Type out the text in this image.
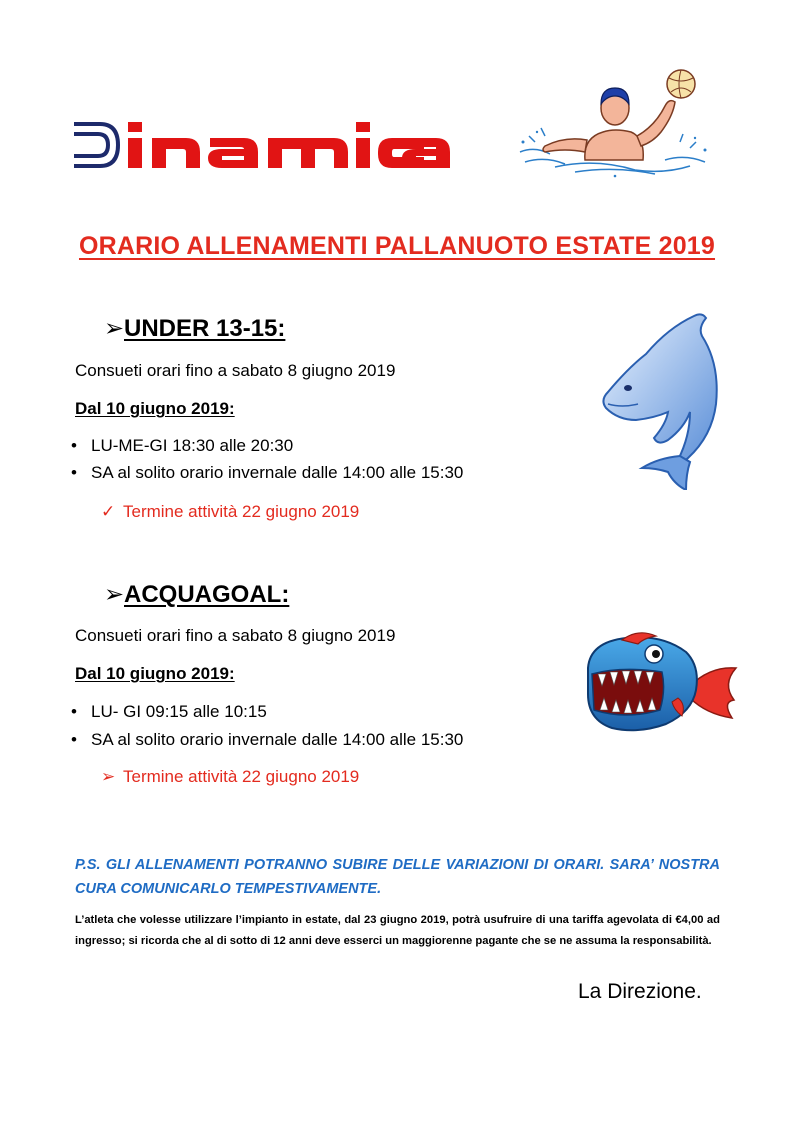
ORARIO ALLENAMENTI PALLANUOTO ESTATE 2019
➢UNDER 13-15:
Consueti orari fino a sabato 8 giugno 2019
Dal 10 giugno 2019:
• LU-ME-GI 18:30 alle 20:30
• SA al solito orario invernale dalle 14:00 alle 15:30
✓ Termine attività 22 giugno 2019
➢ACQUAGOAL:
Consueti orari fino a sabato 8 giugno 2019
Dal 10 giugno 2019:
• LU- GI 09:15 alle 10:15
• SA al solito orario invernale dalle 14:00 alle 15:30
➢ Termine attività 22 giugno 2019
P.S. GLI ALLENAMENTI POTRANNO SUBIRE DELLE VARIAZIONI DI ORARI. SARA’ NOSTRA CURA COMUNICARLO TEMPESTIVAMENTE.
L’atleta che volesse utilizzare l’impianto in estate, dal 23 giugno 2019, potrà usufruire di una tariffa agevolata di €4,00 ad ingresso; si ricorda che al di sotto di 12 anni deve esserci un maggiorenne pagante che se ne assuma la responsabilità.
La Direzione.
